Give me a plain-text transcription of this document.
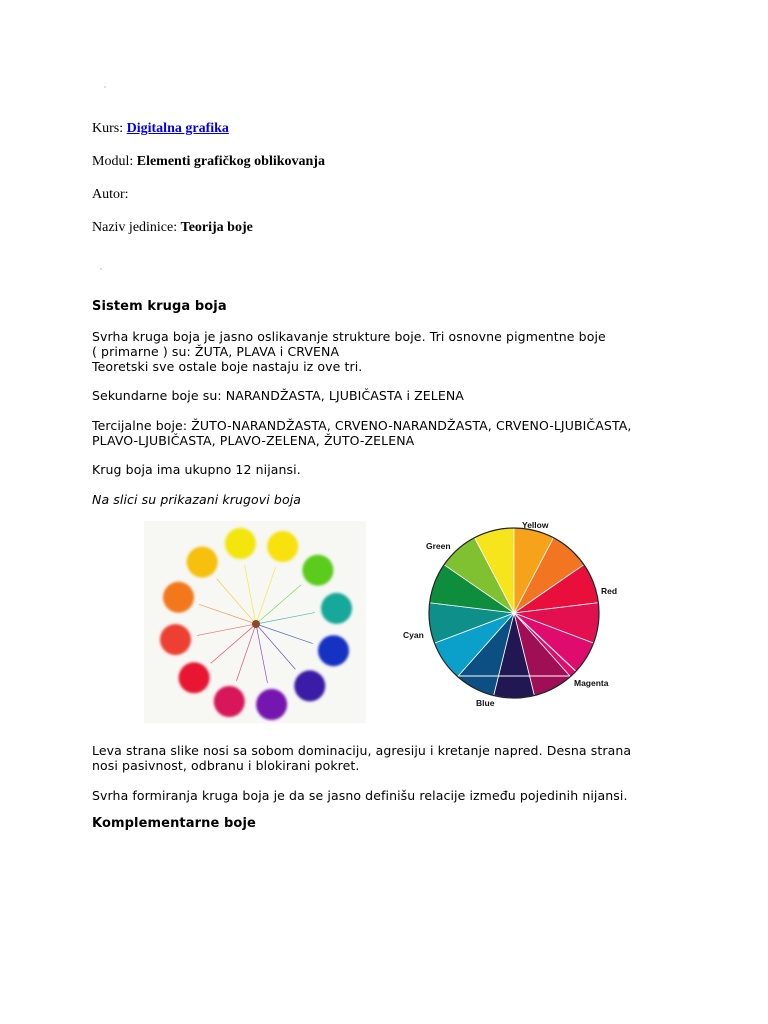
Kurs: Digitalna grafika
Modul: Elementi grafičkog oblikovanja
Autor:
Naziv jedinice: Teorija boje
Sistem kruga boja
Svrha kruga boja je jasno oslikavanje strukture boje. Tri osnovne pigmentne boje
( primarne ) su: ŽUTA, PLAVA i CRVENA
Teoretski sve ostale boje nastaju iz ove tri.
Sekundarne boje su: NARANDŽASTA, LJUBIČASTA i ZELENA
Tercijalne boje: ŽUTO-NARANDŽASTA, CRVENO-NARANDŽASTA, CRVENO-LJUBIČASTA,
PLAVO-LJUBIČASTA, PLAVO-ZELENA, ŽUTO-ZELENA
Krug boja ima ukupno 12 nijansi.
Na slici su prikazani krugovi boja
Yellow
Green
Red
Cyan
Magenta
Blue
Leva strana slike nosi sa sobom dominaciju, agresiju i kretanje napred. Desna strana
nosi pasivnost, odbranu i blokirani pokret.
Svrha formiranja kruga boja je da se jasno definišu relacije između pojedinih nijansi.
Komplementarne boje
